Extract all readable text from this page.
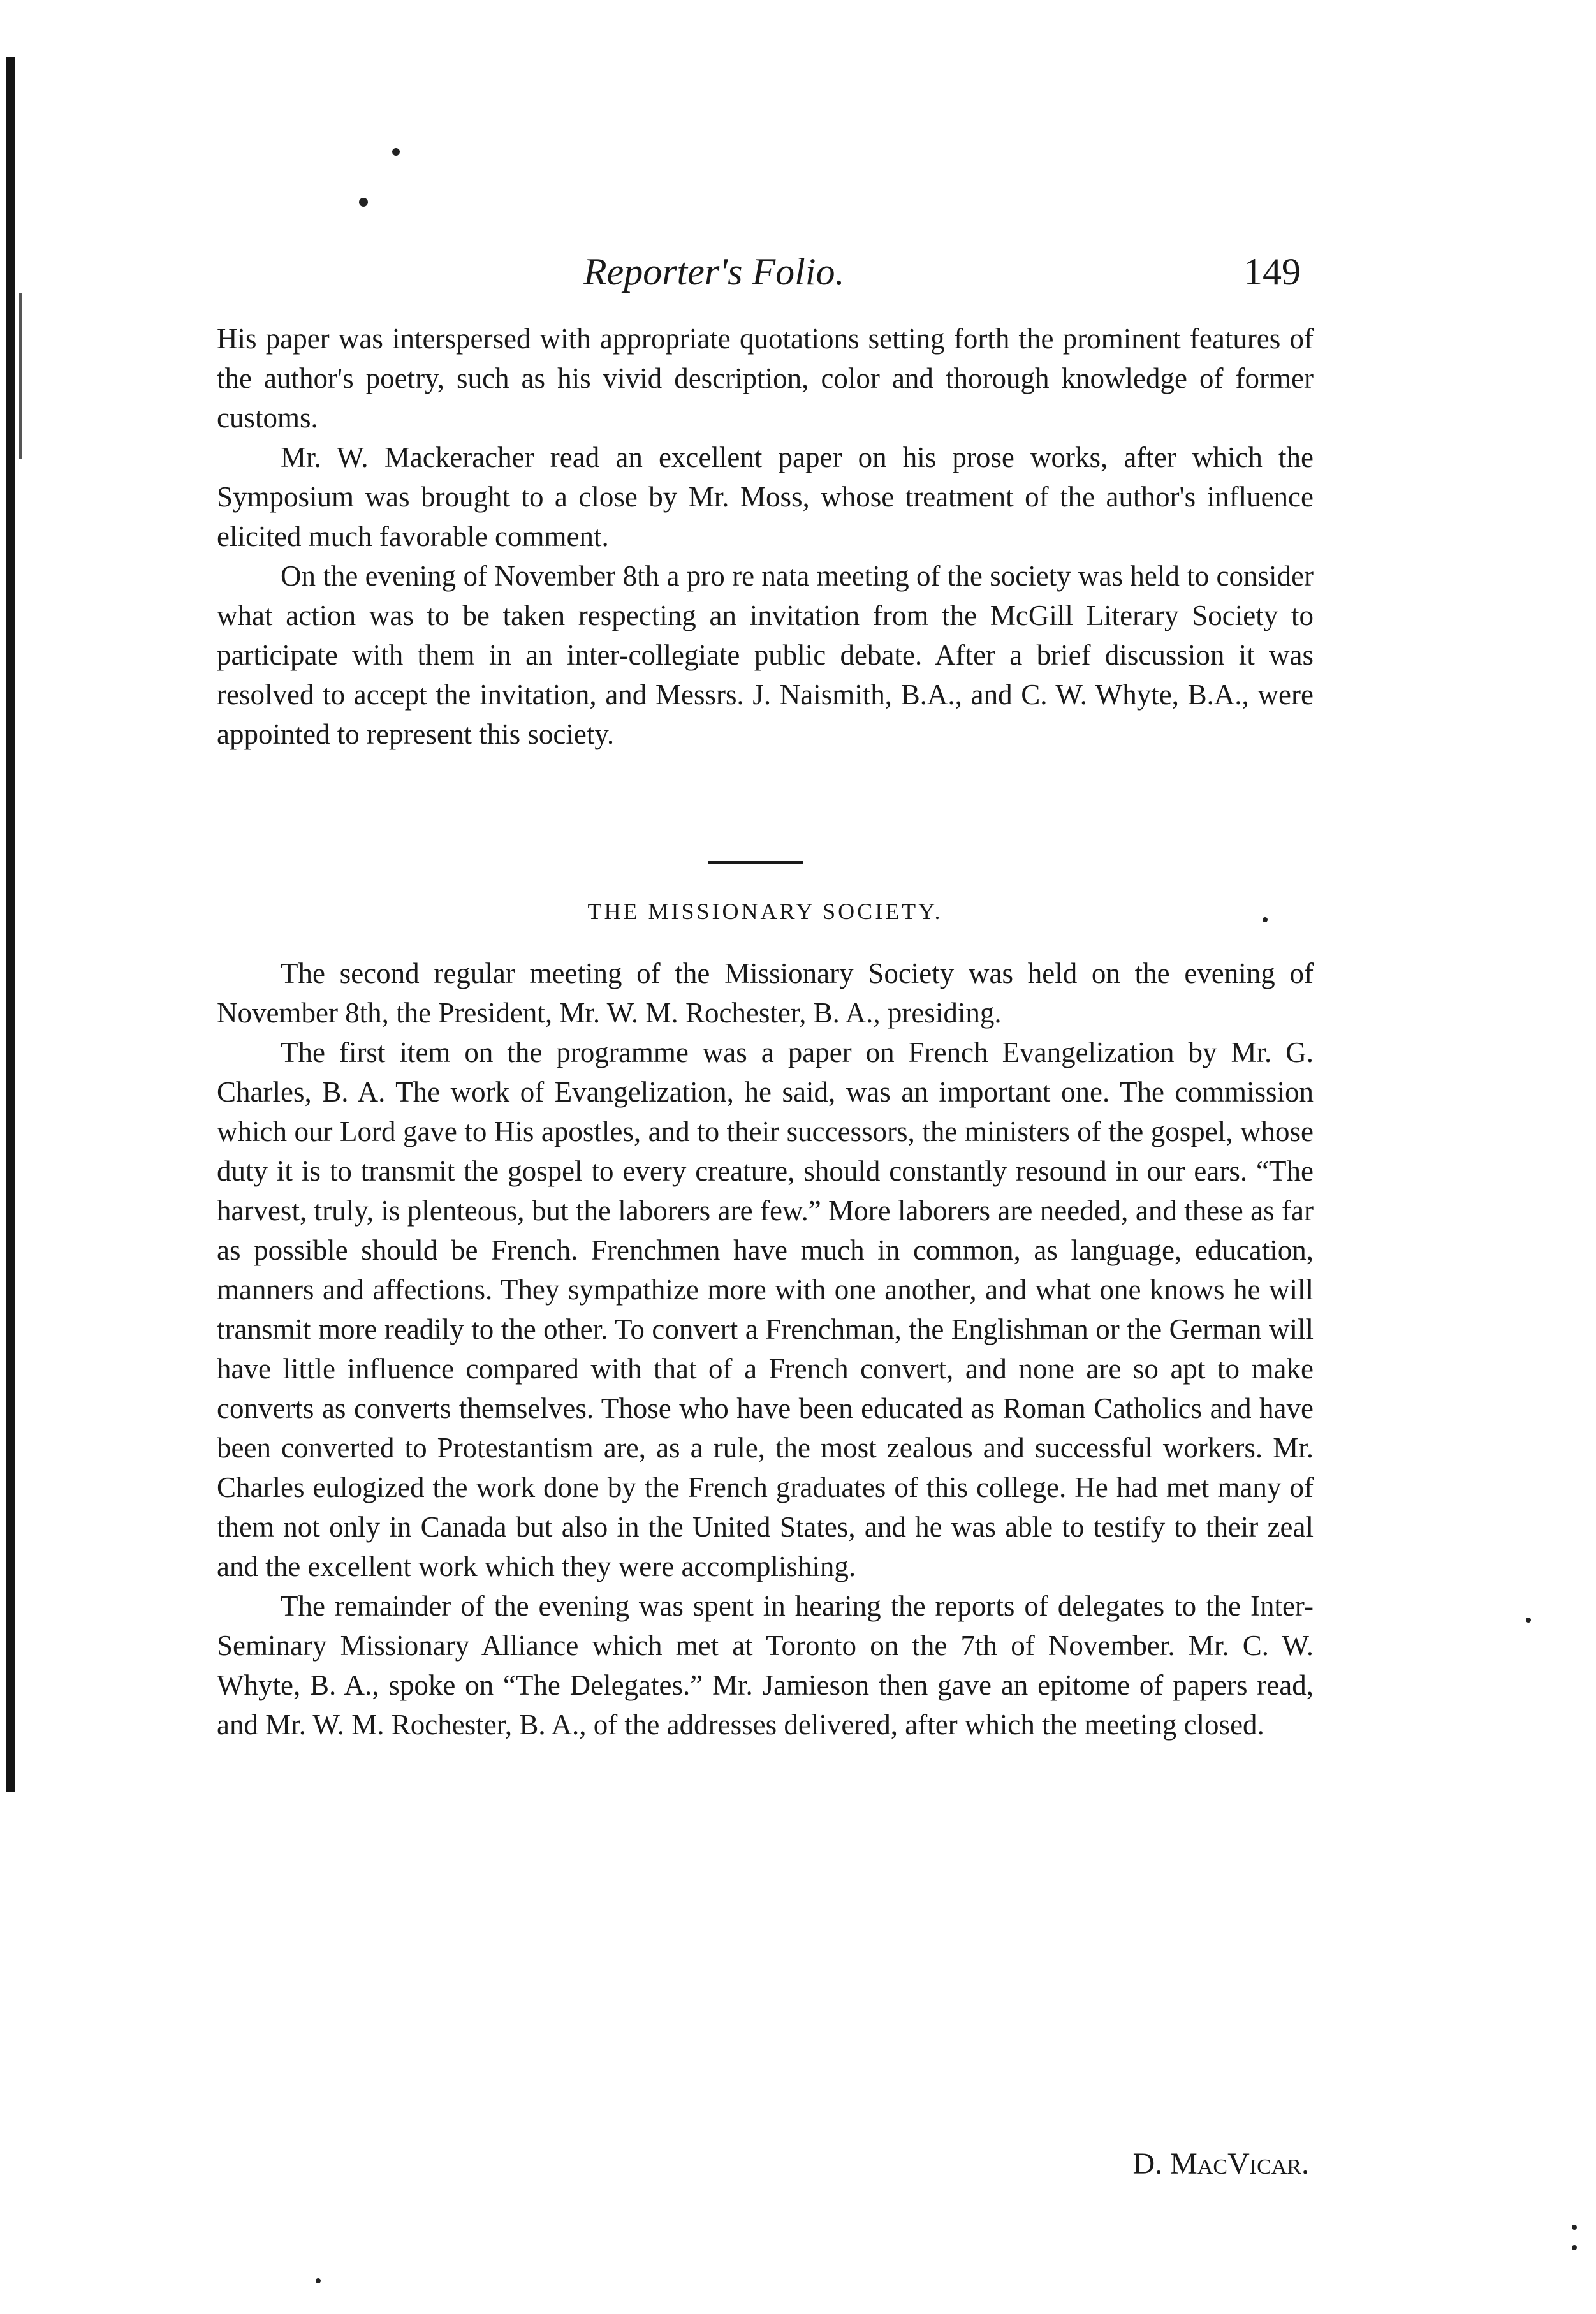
Reporter's Folio.	149

His paper was interspersed with appropriate quotations setting forth the prominent features of the author's poetry, such as his vivid description, color and thorough knowledge of former customs.

Mr. W. Mackeracher read an excellent paper on his prose works, after which the Symposium was brought to a close by Mr. Moss, whose treatment of the author's influence elicited much favorable comment.

On the evening of November 8th a pro re nata meeting of the society was held to consider what action was to be taken respecting an invitation from the McGill Literary Society to participate with them in an inter-collegiate public debate. After a brief discussion it was resolved to accept the invitation, and Messrs. J. Naismith, B.A., and C. W. Whyte, B.A., were appointed to represent this society.

THE MISSIONARY SOCIETY.

The second regular meeting of the Missionary Society was held on the evening of November 8th, the President, Mr. W. M. Rochester, B. A., presiding.

The first item on the programme was a paper on French Evangelization by Mr. G. Charles, B. A. The work of Evangelization, he said, was an important one. The commission which our Lord gave to His apostles, and to their successors, the ministers of the gospel, whose duty it is to transmit the gospel to every creature, should constantly resound in our ears. “The harvest, truly, is plenteous, but the laborers are few.” More laborers are needed, and these as far as possible should be French. Frenchmen have much in common, as language, education, manners and affections. They sympathize more with one another, and what one knows he will transmit more readily to the other. To convert a Frenchman, the Englishman or the German will have little influence compared with that of a French convert, and none are so apt to make converts as converts themselves. Those who have been educated as Roman Catholics and have been converted to Protestantism are, as a rule, the most zealous and successful workers. Mr. Charles eulogized the work done by the French graduates of this college. He had met many of them not only in Canada but also in the United States, and he was able to testify to their zeal and the excellent work which they were accomplishing.

The remainder of the evening was spent in hearing the reports of delegates to the Inter-Seminary Missionary Alliance which met at Toronto on the 7th of November. Mr. C. W. Whyte, B. A., spoke on “The Delegates.” Mr. Jamieson then gave an epitome of papers read, and Mr. W. M. Rochester, B. A., of the addresses delivered, after which the meeting closed.

D. MacVicar.
